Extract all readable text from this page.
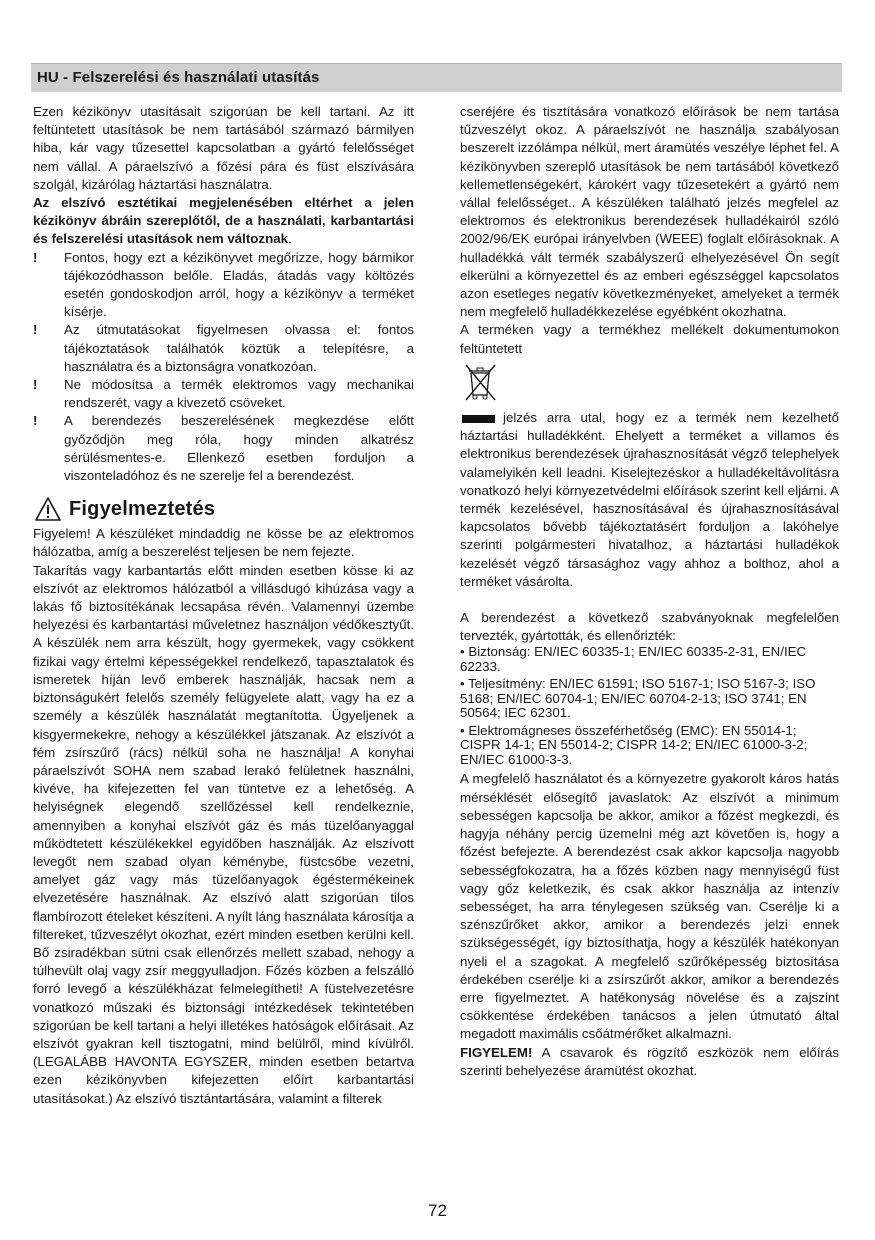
HU - Felszerelési és használati utasítás

Ezen kézikönyv utasításait szigorúan be kell tartani. Az itt feltüntetett utasítások be nem tartásából származó bármilyen hiba, kár vagy tűzesettel kapcsolatban a gyártó felelősséget nem vállal. A páraelszívó a főzési pára és füst elszívására szolgál, kizárólag háztartási használatra.

Az elszívó esztétikai megjelenésében eltérhet a jelen kézikönyv ábráin szereplőtől, de a használati, karbantartási és felszerelési utasítások nem változnak.

!	Fontos, hogy ezt a kézikönyvet megőrizze, hogy bármikor tájékozódhasson belőle. Eladás, átadás vagy költözés esetén gondoskodjon arról, hogy a kézikönyv a terméket kísérje.

!	Az útmutatásokat figyelmesen olvassa el: fontos tájékoztatások találhatók köztük a telepítésre, a használatra és a biztonságra vonatkozóan.

!	Ne módosítsa a termék elektromos vagy mechanikai rendszerét, vagy a kivezető csöveket.

!	A berendezés beszerelésének megkezdése előtt győződjön meg róla, hogy minden alkatrész sérülésmentes-e. Ellenkező esetben forduljon a viszonteladóhoz és ne szerelje fel a berendezést.

Figyelmeztetés

Figyelem! A készüléket mindaddig ne kösse be az elektromos hálózatba, amíg a beszerelést teljesen be nem fejezte.

Takarítás vagy karbantartás előtt minden esetben kösse ki az elszívót az elektromos hálózatból a villásdugó kihúzása vagy a lakás fő biztosítékának lecsapása révén. Valamennyi üzembe helyezési és karbantartási műveletnez használjon védőkesztyűt. A készülék nem arra készült, hogy gyermekek, vagy csökkent fizikai vagy értelmi képességekkel rendelkező, tapasztalatok és ismeretek híján levő emberek használják, hacsak nem a biztonságukért felelős személy felügyelete alatt, vagy ha ez a személy a készülék használatát megtanította. Ügyeljenek a kisgyermekekre, nehogy a készülékkel játszanak. Az elszívót a fém zsírszűrő (rács) nélkül soha ne használja! A konyhai páraelszívót SOHA nem szabad lerakó felületnek használni, kivéve, ha kifejezetten fel van tüntetve ez a lehetőség. A helyiségnek elegendő szellőzéssel kell rendelkeznie, amennyiben a konyhai elszívót gáz és más tüzelőanyaggal működtetett készülékekkel egyidőben használják. Az elszívott levegőt nem szabad olyan kéménybe, füstcsőbe vezetni, amelyet gáz vagy más tüzelőanyagok égéstermékeinek elvezetésére használnak. Az elszívó alatt szigorúan tilos flambírozott ételeket készíteni. A nyílt láng használata károsítja a filtereket, tűzveszélyt okozhat, ezért minden esetben kerülni kell. Bő zsiradékban sütni csak ellenőrzés mellett szabad, nehogy a túlhevült olaj vagy zsír meggyulladjon. Főzés közben a felszálló forró levegő a készülékházat felmelegítheti! A füstelvezetésre vonatkozó műszaki és biztonsági intézkedések tekintetében szigorúan be kell tartani a helyi illetékes hatóságok előírásait. Az elszívót gyakran kell tisztogatni, mind belülről, mind kívülről. (LEGALÁBB HAVONTA EGYSZER, minden esetben betartva ezen kézikönyvben kifejezetten előírt karbantartási utasításokat.) Az elszívó tisztántartására, valamint a filterek

cseréjére és tisztítására vonatkozó előírások be nem tartása tűzveszélyt okoz. A páraelszívót ne használja szabályosan beszerelt izzólámpa nélkül, mert áramütés veszélye léphet fel. A kézikönyvben szereplő utasítások be nem tartásából következő kellemetlenségekért, károkért vagy tűzesetekért a gyártó nem vállal felelősséget.. A készüléken található jelzés megfelel az elektromos és elektronikus berendezések hulladékairól szóló 2002/96/EK európai irányelvben (WEEE) foglalt előírásoknak. A hulladékká vált termék szabályszerű elhelyezésével Ön segít elkerülni a környezettel és az emberi egészséggel kapcsolatos azon esetleges negatív következményeket, amelyeket a termék nem megfelelő hulladékkezelése egyébként okozhatna.

A terméken vagy a termékhez mellékelt dokumentumokon feltüntetett

jelzés arra utal, hogy ez a termék nem kezelhető háztartási hulladékként. Ehelyett a terméket a villamos és elektronikus berendezések újrahasznosítását végző telephelyek valamelyikén kell leadni. Kiselejtezéskor a hulladékeltávolításra vonatkozó helyi környezetvédelmi előírások szerint kell eljárni. A termék kezelésével, hasznosításával és újrahasznosításával kapcsolatos bővebb tájékoztatásért forduljon a lakóhelye szerinti polgármesteri hivatalhoz, a háztartási hulladékok kezelését végző társasághoz vagy ahhoz a bolthoz, ahol a terméket vásárolta.

A berendezést a következő szabványoknak megfelelően tervezték, gyártották, és ellenőrizték:

• Biztonság: EN/IEC 60335-1; EN/IEC 60335-2-31, EN/IEC 62233.

• Teljesítmény: EN/IEC 61591; ISO 5167-1; ISO 5167-3; ISO 5168; EN/IEC 60704-1; EN/IEC 60704-2-13; ISO 3741; EN 50564; IEC 62301.

• Elektromágneses összeférhetőség (EMC): EN 55014-1; CISPR 14-1; EN 55014-2; CISPR 14-2; EN/IEC 61000-3-2; EN/IEC 61000-3-3.

A megfelelő használatot és a környezetre gyakorolt káros hatás mérséklését elősegítő javaslatok: Az elszívót a minimum sebességen kapcsolja be akkor, amikor a főzést megkezdi, és hagyja néhány percig üzemelni még azt követően is, hogy a főzést befejezte. A berendezést csak akkor kapcsolja nagyobb sebességfokozatra, ha a főzés közben nagy mennyiségű füst vagy gőz keletkezik, és csak akkor használja az intenzív sebességet, ha arra ténylegesen szükség van. Cserélje ki a szénszűrőket akkor, amikor a berendezés jelzi ennek szükségességét, így biztosíthatja, hogy a készülék hatékonyan nyeli el a szagokat. A megfelelő szűrőképesség biztosítása érdekében cserélje ki a zsírszűrőt akkor, amikor a berendezés erre figyelmeztet. A hatékonyság növelése és a zajszint csökkentése érdekében tanácsos a jelen útmutató által megadott maximális csőátmérőket alkalmazni.

FIGYELEM! A csavarok és rögzítő eszközök nem előírás szerinti behelyezése áramütést okozhat.

72
